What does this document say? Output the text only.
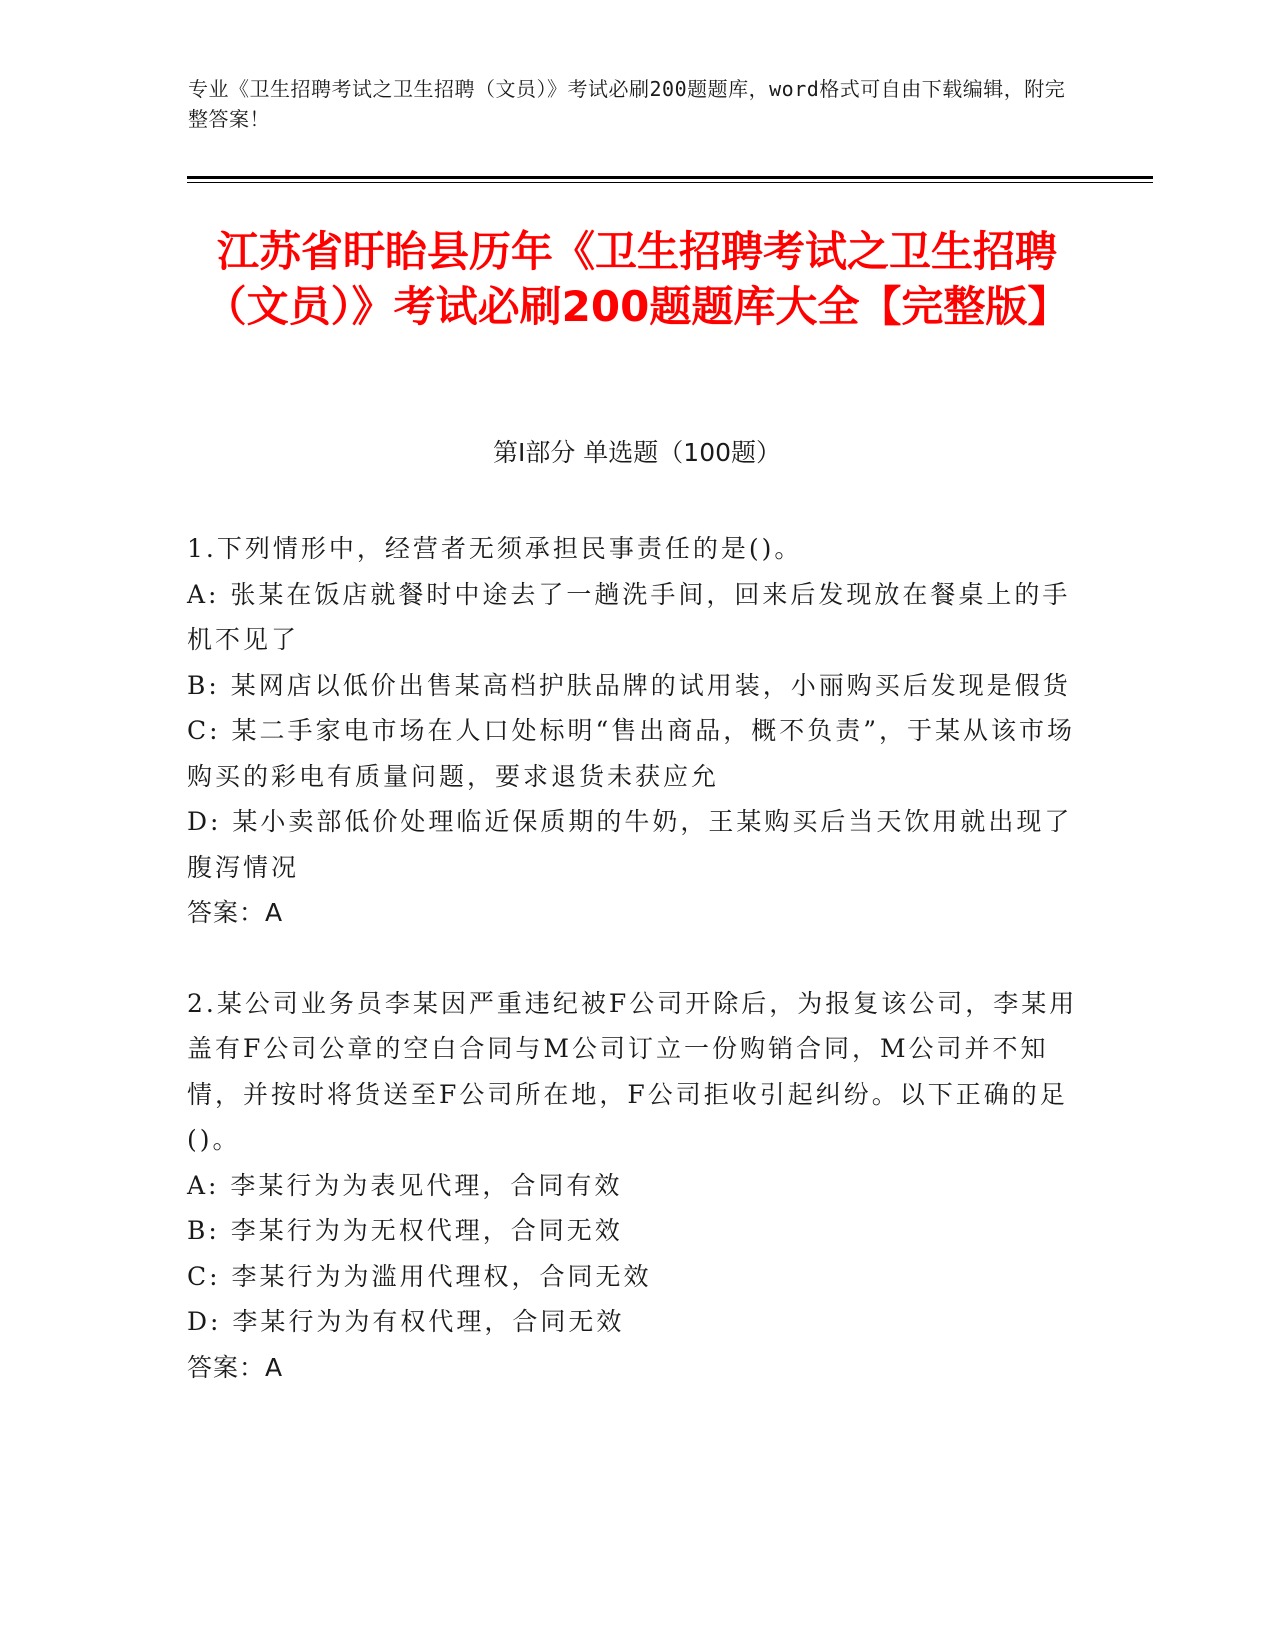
专业《卫生招聘考试之卫生招聘（文员）》考试必刷200题题库，word格式可自由下载编辑，附完整答案！
江苏省盱眙县历年《卫生招聘考试之卫生招聘（文员）》考试必刷200题题库大全【完整版】
第I部分 单选题（100题）

1.下列情形中，经营者无须承担民事责任的是()。

A: 张某在饭店就餐时中途去了一趟洗手间，回来后发现放在餐桌上的手机不见了

B: 某网店以低价出售某高档护肤品牌的试用装，小丽购买后发现是假货

C: 某二手家电市场在人口处标明“售出商品，概不负责”，于某从该市场购买的彩电有质量问题，要求退货未获应允

D: 某小卖部低价处理临近保质期的牛奶，王某购买后当天饮用就出现了腹泻情况

答案：A

2.某公司业务员李某因严重违纪被F公司开除后，为报复该公司，李某用盖有F公司公章的空白合同与M公司订立一份购销合同，M公司并不知情，并按时将货送至F公司所在地，F公司拒收引起纠纷。以下正确的足()。

A: 李某行为为表见代理，合同有效

B: 李某行为为无权代理，合同无效

C: 李某行为为滥用代理权，合同无效

D: 李某行为为有权代理，合同无效

答案：A
